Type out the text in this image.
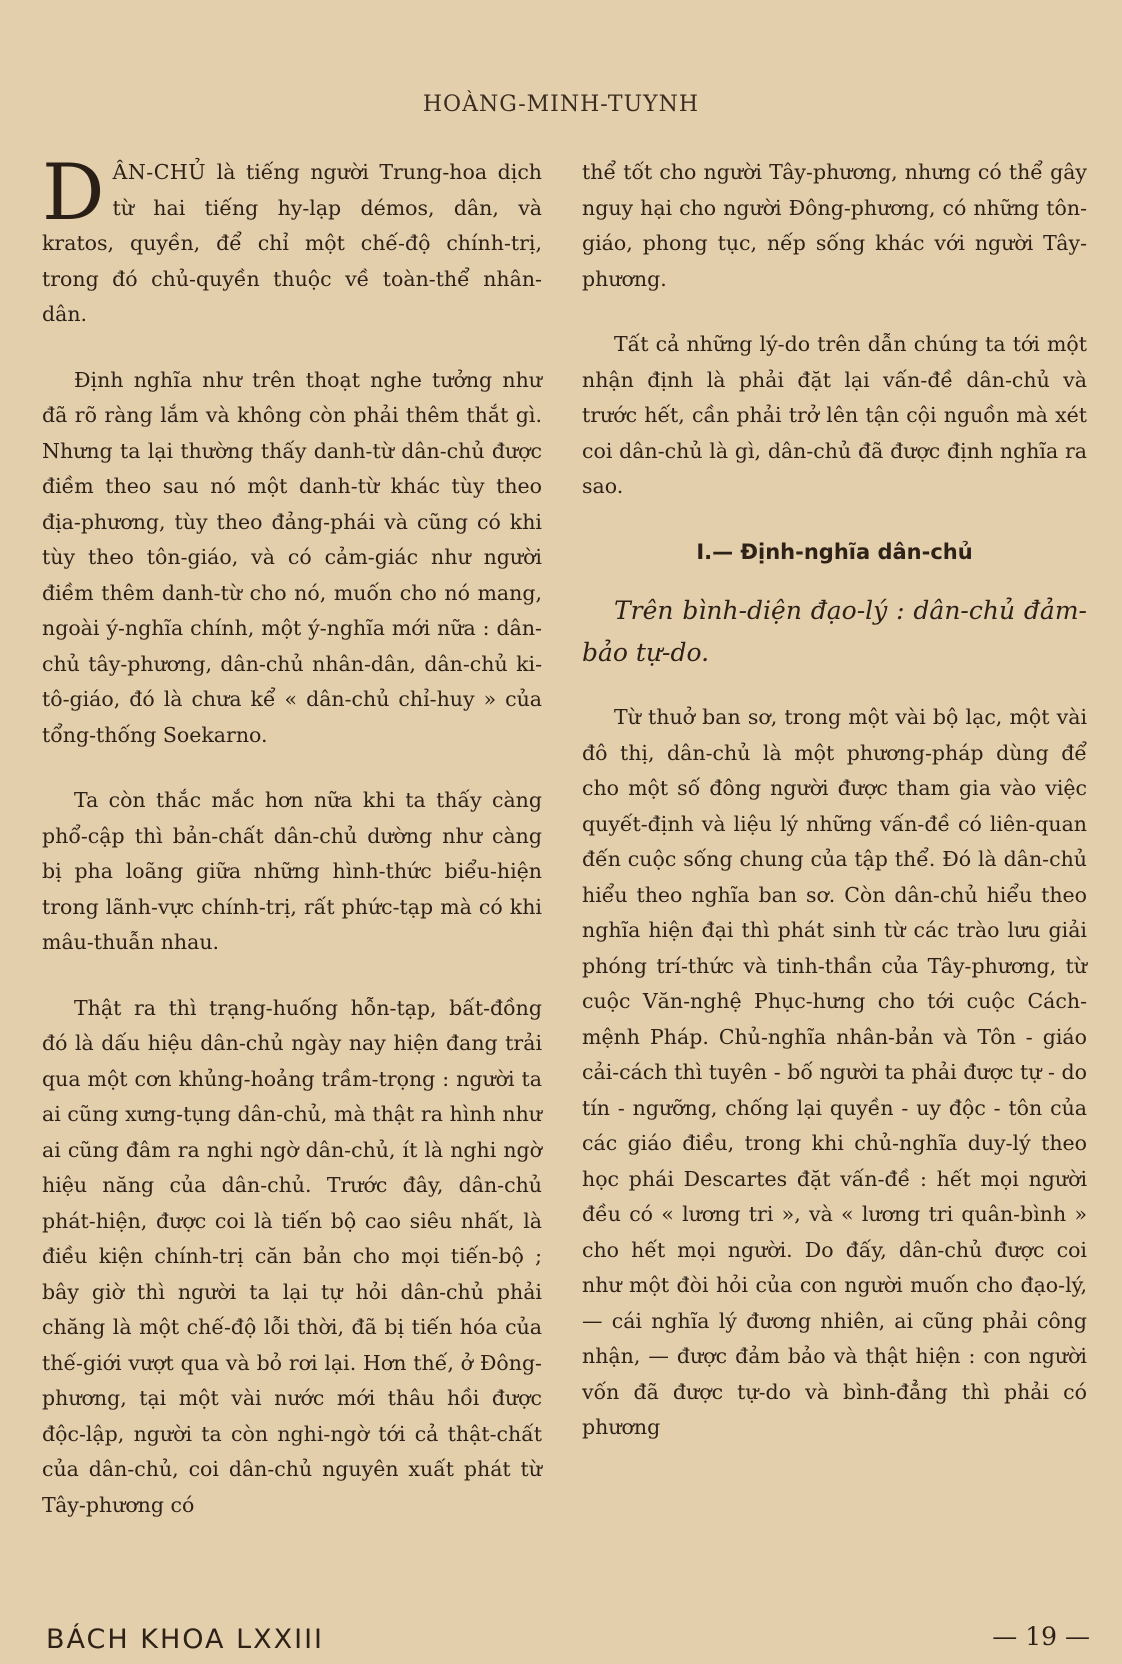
HOÀNG-MINH-TUYNH

DÂN-CHỦ là tiếng người Trung-hoa dịch từ hai tiếng hy-lạp démos, dân, và kratos, quyền, để chỉ một chế-độ chính-trị, trong đó chủ-quyền thuộc về toàn-thể nhân-dân.

Định nghĩa như trên thoạt nghe tưởng như đã rõ ràng lắm và không còn phải thêm thắt gì. Nhưng ta lại thường thấy danh-từ dân-chủ được điềm theo sau nó một danh-từ khác tùy theo địa-phương, tùy theo đảng-phái và cũng có khi tùy theo tôn-giáo, và có cảm-giác như người điềm thêm danh-từ cho nó, muốn cho nó mang, ngoài ý-nghĩa chính, một ý-nghĩa mới nữa : dân-chủ tây-phương, dân-chủ nhân-dân, dân-chủ ki-tô-giáo, đó là chưa kể « dân-chủ chỉ-huy » của tổng-thống Soekarno.

Ta còn thắc mắc hơn nữa khi ta thấy càng phổ-cập thì bản-chất dân-chủ dường như càng bị pha loãng giữa những hình-thức biểu-hiện trong lãnh-vực chính-trị, rất phức-tạp mà có khi mâu-thuẫn nhau.

Thật ra thì trạng-huống hỗn-tạp, bất-đồng đó là dấu hiệu dân-chủ ngày nay hiện đang trải qua một cơn khủng-hoảng trầm-trọng : người ta ai cũng xưng-tụng dân-chủ, mà thật ra hình như ai cũng đâm ra nghi ngờ dân-chủ, ít là nghi ngờ hiệu năng của dân-chủ. Trước đây, dân-chủ phát-hiện, được coi là tiến bộ cao siêu nhất, là điều kiện chính-trị căn bản cho mọi tiến-bộ ; bây giờ thì người ta lại tự hỏi dân-chủ phải chăng là một chế-độ lỗi thời, đã bị tiến hóa của thế-giới vượt qua và bỏ rơi lại. Hơn thế, ở Đông-phương, tại một vài nước mới thâu hồi được độc-lập, người ta còn nghi-ngờ tới cả thật-chất của dân-chủ, coi dân-chủ nguyên xuất phát từ Tây-phương có

thể tốt cho người Tây-phương, nhưng có thể gây nguy hại cho người Đông-phương, có những tôn-giáo, phong tục, nếp sống khác với người Tây-phương.

Tất cả những lý-do trên dẫn chúng ta tới một nhận định là phải đặt lại vấn-đề dân-chủ và trước hết, cần phải trở lên tận cội nguồn mà xét coi dân-chủ là gì, dân-chủ đã được định nghĩa ra sao.

I.— Định-nghĩa dân-chủ
Trên bình-diện đạo-lý : dân-chủ đảm-bảo tự-do.

Từ thuở ban sơ, trong một vài bộ lạc, một vài đô thị, dân-chủ là một phương-pháp dùng để cho một số đông người được tham gia vào việc quyết-định và liệu lý những vấn-đề có liên-quan đến cuộc sống chung của tập thể. Đó là dân-chủ hiểu theo nghĩa ban sơ. Còn dân-chủ hiểu theo nghĩa hiện đại thì phát sinh từ các trào lưu giải phóng trí-thức và tinh-thần của Tây-phương, từ cuộc Văn-nghệ Phục-hưng cho tới cuộc Cách-mệnh Pháp. Chủ-nghĩa nhân-bản và Tôn - giáo cải-cách thì tuyên - bố người ta phải được tự - do tín - ngưỡng, chống lại quyền - uy độc - tôn của các giáo điều, trong khi chủ-nghĩa duy-lý theo học phái Descartes đặt vấn-đề : hết mọi người đều có « lương tri », và « lương tri quân-bình » cho hết mọi người. Do đấy, dân-chủ được coi như một đòi hỏi của con người muốn cho đạo-lý, — cái nghĩa lý đương nhiên, ai cũng phải công nhận, — được đảm bảo và thật hiện : con người vốn đã được tự-do và bình-đẳng thì phải có phương

BÁCH KHOA LXXIII	— 19 —
